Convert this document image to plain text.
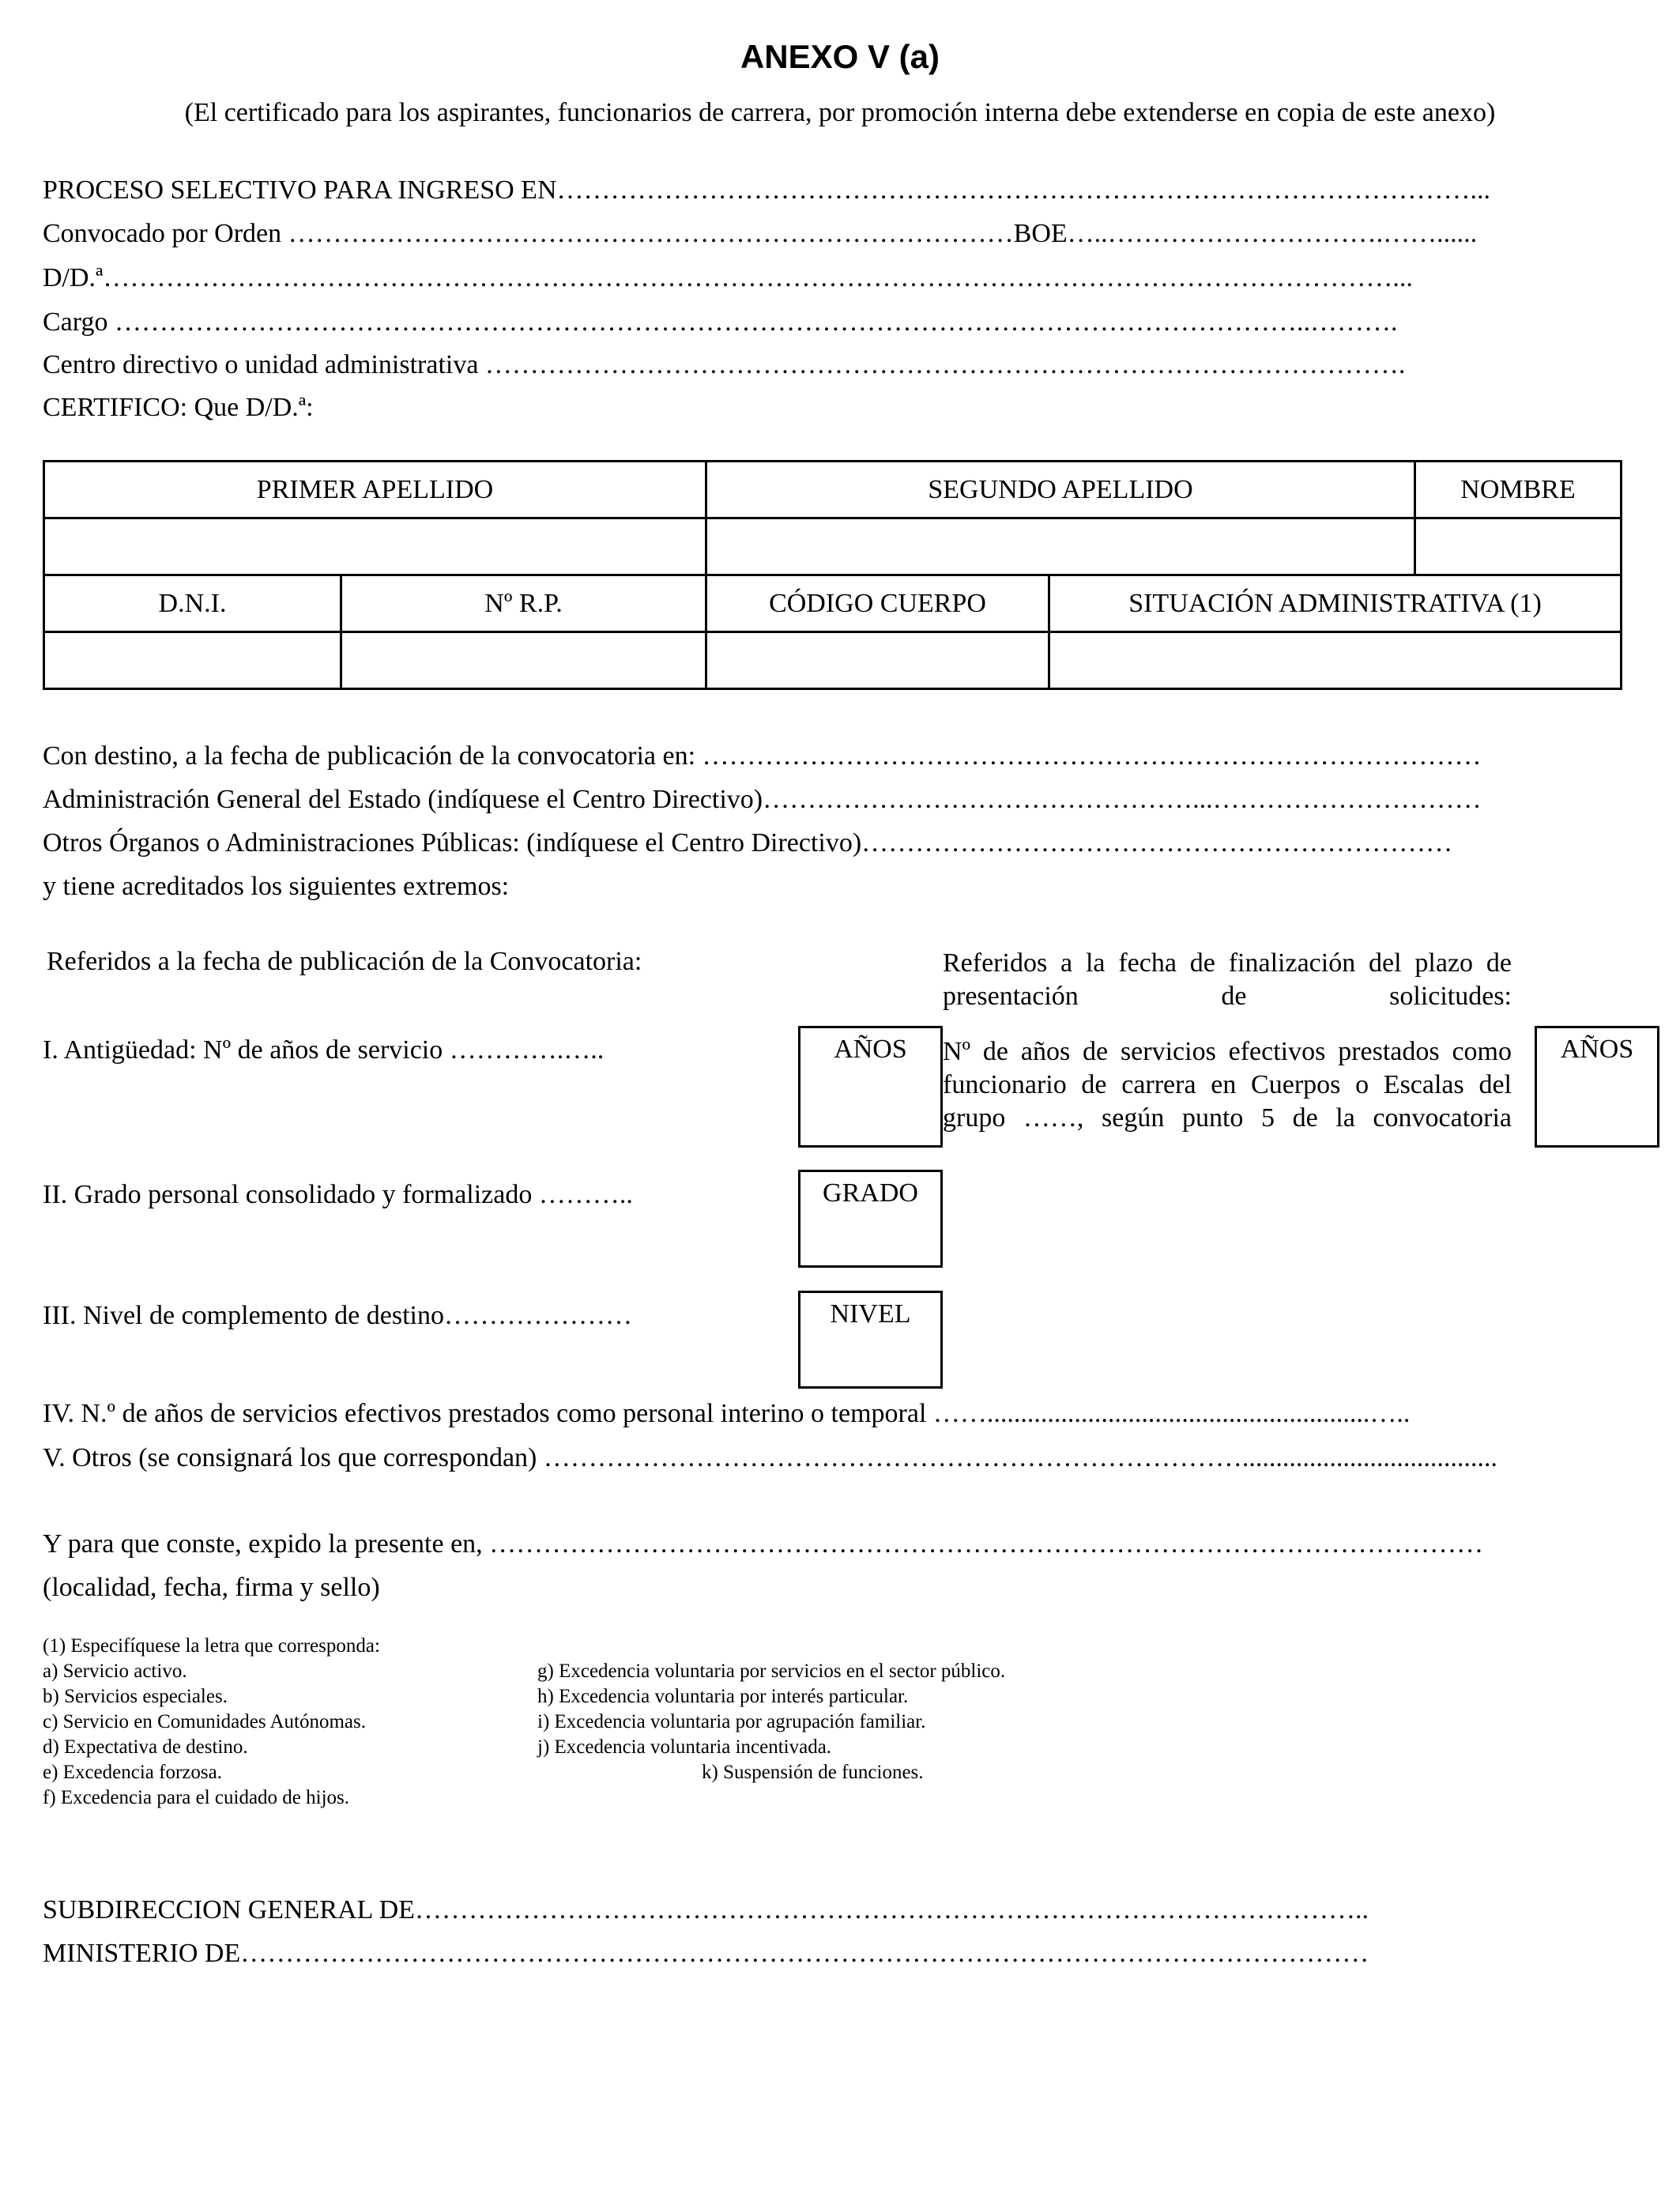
ANEXO V (a)
(El certificado para los aspirantes, funcionarios de carrera, por promoción interna debe extenderse en copia de este anexo)
PROCESO SELECTIVO PARA INGRESO EN…………………………………………………………………………………………...
Convocado por Orden ………………………………………………………………………BOE…..………………………….……......
D/D.ª………………………………………………………………………………………………………………………………...
Cargo ……………………………………………………………………………………………………………………..……….
Centro directivo o unidad administrativa ………………………………………………………………………………………….
CERTIFICO: Que D/D.ª:
PRIMER APELLIDO		SEGUNDO APELLIDO		NOMBRE

D.N.I.	Nº R.P.	CÓDIGO CUERPO	SITUACIÓN ADMINISTRATIVA (1)	

Con destino, a la fecha de publicación de la convocatoria en: ……………………………………………………………………………
Administración General del Estado (indíquese el Centro Directivo)…………………………………………...…………………………
Otros Órganos o Administraciones Públicas: (indíquese el Centro Directivo)…………………………………………………………
y tiene acreditados los siguientes extremos:
Referidos a la fecha de publicación de la Convocatoria:	Referidos a la fecha de finalización del plazo de presentación de solicitudes:
I. Antigüedad: Nº de años de servicio ………….…..	AÑOS	Nº de años de servicios efectivos prestados como funcionario de carrera en Cuerpos o Escalas del grupo ……, según punto 5 de la convocatoria
AÑOS
II. Grado personal consolidado y formalizado ………..	GRADO
III. Nivel de complemento de destino…………………	NIVEL
IV. N.º de años de servicios efectivos prestados como personal interino o temporal …….........................................................…..
V. Otros (se consignará los que correspondan) ……………………………………………………………………......................................
Y para que conste, expido la presente en, …………………………………………………………………………………………………
(localidad, fecha, firma y sello)
(1) Especifíquese la letra que corresponda:
a) Servicio activo.
b) Servicios especiales.
c) Servicio en Comunidades Autónomas.
d) Expectativa de destino.
e) Excedencia forzosa.
f) Excedencia para el cuidado de hijos.
g) Excedencia voluntaria por servicios en el sector público.
h) Excedencia voluntaria por interés particular.
i) Excedencia voluntaria por agrupación familiar.
j) Excedencia voluntaria incentivada.
k) Suspensión de funciones.
SUBDIRECCION GENERAL DE……………………………………………………………………………………………..
MINISTERIO DE………………………………………………………………………………………………………………
